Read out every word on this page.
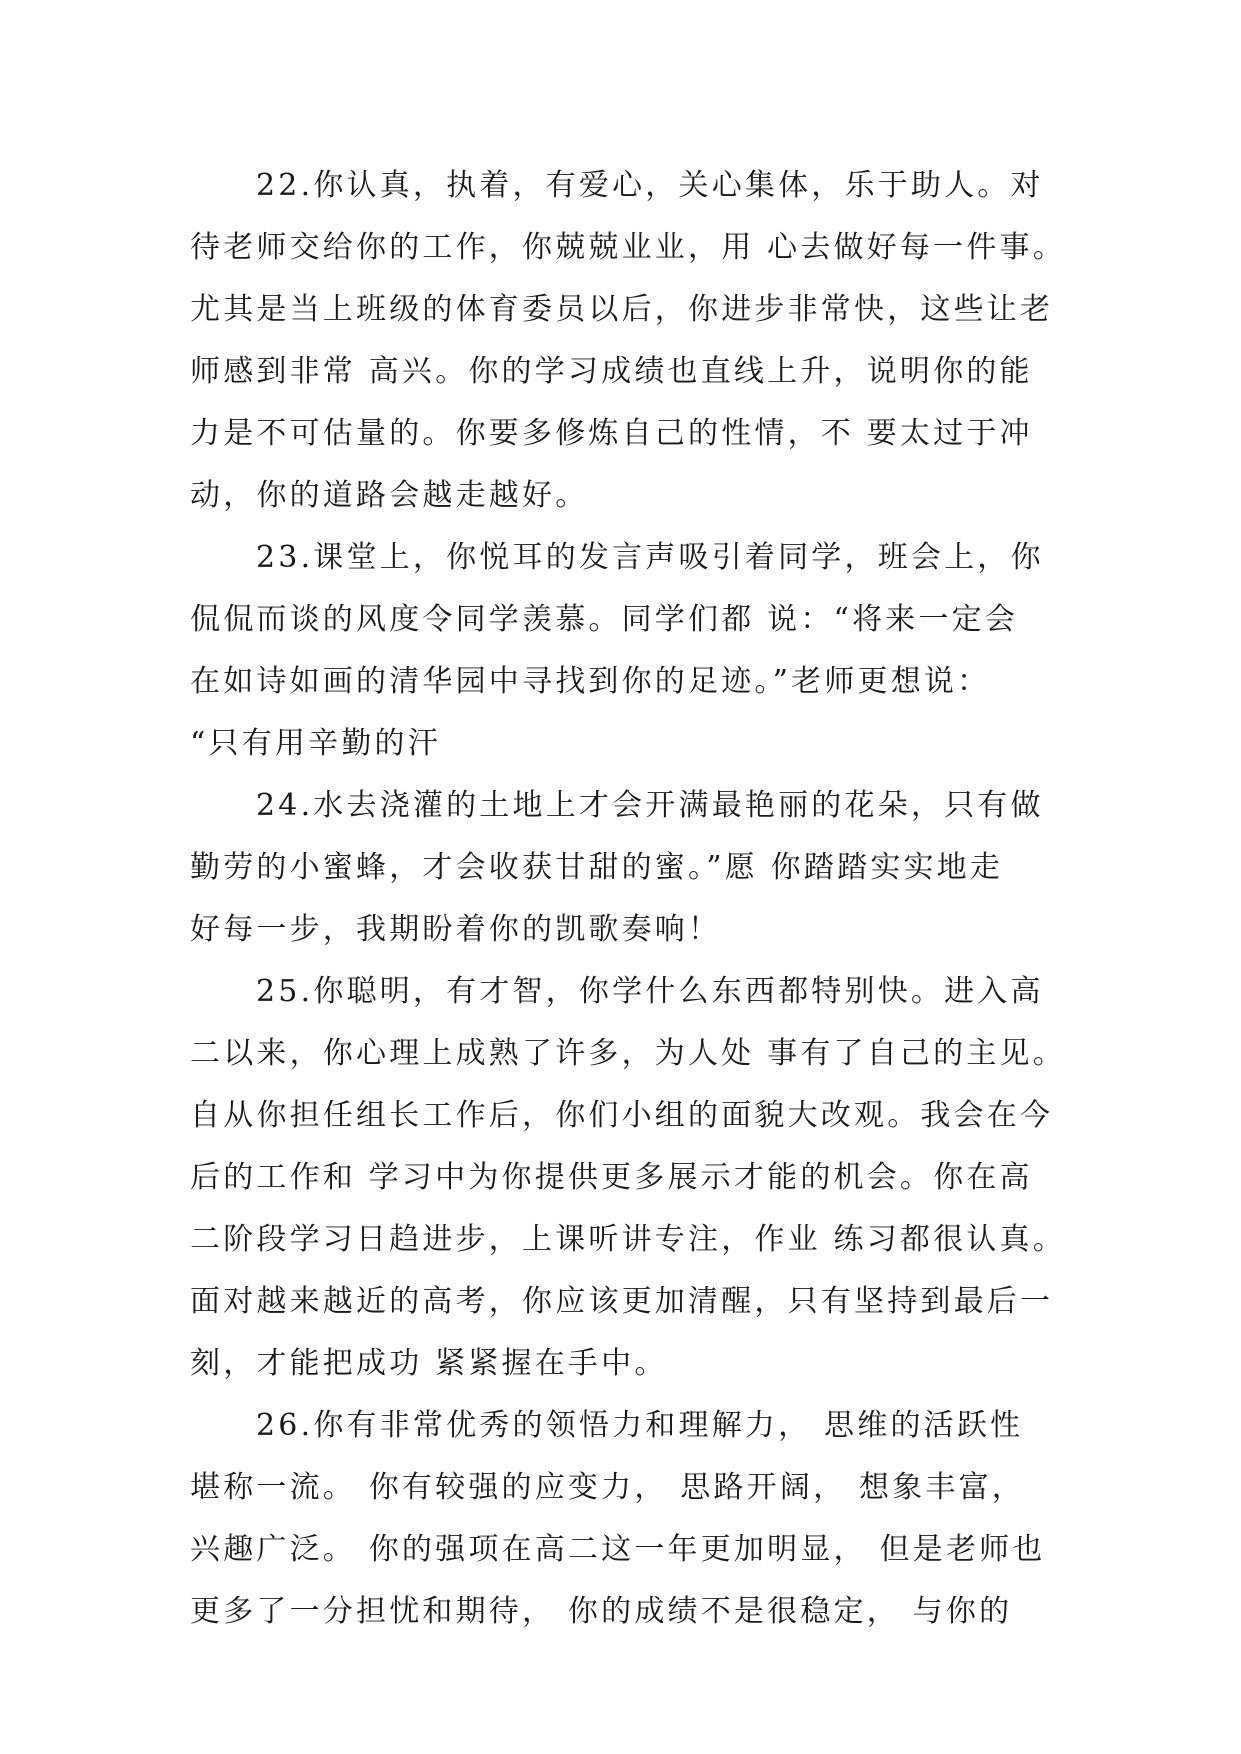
22.你认真，执着，有爱心，关心集体，乐于助人。对
待老师交给你的工作，你兢兢业业，用 心去做好每一件事。
尤其是当上班级的体育委员以后，你进步非常快，这些让老
师感到非常 高兴。你的学习成绩也直线上升，说明你的能
力是不可估量的。你要多修炼自己的性情，不 要太过于冲
动，你的道路会越走越好。
23.课堂上，你悦耳的发言声吸引着同学，班会上，你
侃侃而谈的风度令同学羡慕。同学们都 说：“将来一定会
在如诗如画的清华园中寻找到你的足迹。”老师更想说：
“只有用辛勤的汗
24.水去浇灌的土地上才会开满最艳丽的花朵，只有做
勤劳的小蜜蜂，才会收获甘甜的蜜。”愿 你踏踏实实地走
好每一步，我期盼着你的凯歌奏响！
25.你聪明，有才智，你学什么东西都特别快。进入高
二以来，你心理上成熟了许多，为人处 事有了自己的主见。
自从你担任组长工作后，你们小组的面貌大改观。我会在今
后的工作和 学习中为你提供更多展示才能的机会。你在高
二阶段学习日趋进步，上课听讲专注，作业 练习都很认真。
面对越来越近的高考，你应该更加清醒，只有坚持到最后一
刻，才能把成功 紧紧握在手中。
26.你有非常优秀的领悟力和理解力， 思维的活跃性
堪称一流。 你有较强的应变力， 思路开阔， 想象丰富，
兴趣广泛。 你的强项在高二这一年更加明显， 但是老师也
更多了一分担忧和期待， 你的成绩不是很稳定， 与你的
